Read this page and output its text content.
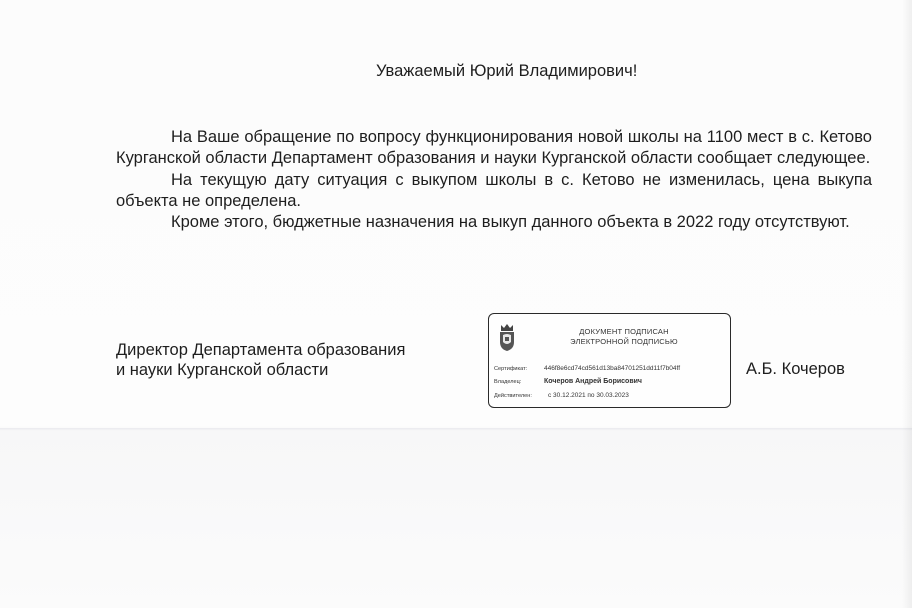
Уважаемый Юрий Владимирович!

На Ваше обращение по вопросу функционирования новой школы на 1100 мест в с. Кетово Курганской области Департамент образования и науки Курганской области сообщает следующее.

На текущую дату ситуация с выкупом школы в с. Кетово не изменилась, цена выкупа объекта не определена.

Кроме этого, бюджетные назначения на выкуп данного объекта в 2022 году отсутствуют.

Директор Департамента образования
и науки Курганской области
ДОКУМЕНТ ПОДПИСАН
ЭЛЕКТРОННОЙ ПОДПИСЬЮ
Сертификат:	446f8e6cd74cd561d13ba84701251dd11f7b04ff
Владелец:	Кочеров Андрей Борисович
Действителен: с 30.12.2021 по 30.03.2023
А.Б. Кочеров
